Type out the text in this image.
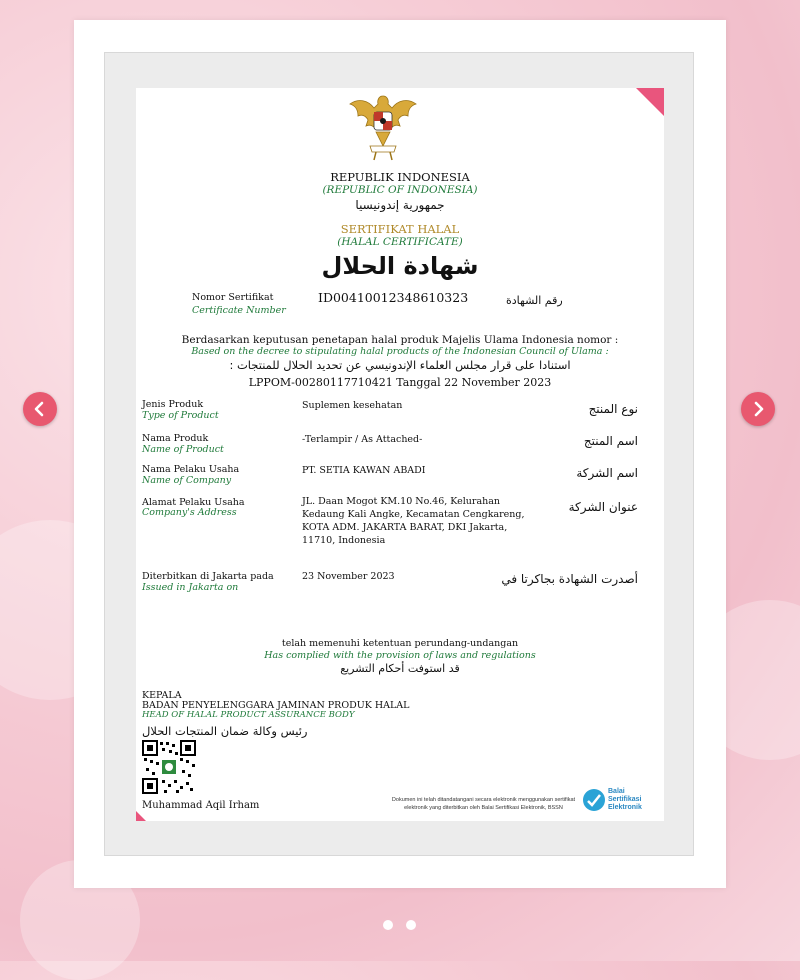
REPUBLIK INDONESIA
(REPUBLIC OF INDONESIA)
جمهورية إندونيسيا
SERTIFIKAT HALAL
(HALAL CERTIFICATE)
شهادة الحلال
Nomor Sertifikat
Certificate Number
ID00410012348610323	رقم الشهادة
Berdasarkan keputusan penetapan halal produk Majelis Ulama Indonesia nomor :
Based on the decree to stipulating halal products of the Indonesian Council of Ulama :
استنادا على قرار مجلس العلماء الإندونيسي عن تحديد الحلال للمنتجات :
LPPOM-00280117710421 Tanggal 22 November 2023
Jenis Produk
Type of Product
Suplemen kesehatan	نوع المنتج
Nama Produk
Name of Product
-Terlampir / As Attached-	اسم المنتج
Nama Pelaku Usaha
Name of Company
PT. SETIA KAWAN ABADI	اسم الشركة
Alamat Pelaku Usaha
Company's Address
JL. Daan Mogot KM.10 No.46, Kelurahan
Kedaung Kali Angke, Kecamatan Cengkareng,
KOTA ADM. JAKARTA BARAT, DKI Jakarta,
11710, Indonesia
عنوان الشركة
Diterbitkan di Jakarta pada
Issued in Jakarta on
23 November 2023	أصدرت الشهادة بجاكرتا في
telah memenuhi ketentuan perundang-undangan
Has complied with the provision of laws and regulations
قد استوفت أحكام التشريع
KEPALA
BADAN PENYELENGGARA JAMINAN PRODUK HALAL
HEAD OF HALAL PRODUCT ASSURANCE BODY
رئيس وكالة ضمان المنتجات الحلال
Muhammad Aqil Irham	Dokumen ini telah ditandatangani secara elektronik menggunakan sertifikat
elektronik yang diterbitkan oleh Balai Sertifikasi Elektronik, BSSN
Balai
Sertifikasi
Elektronik
